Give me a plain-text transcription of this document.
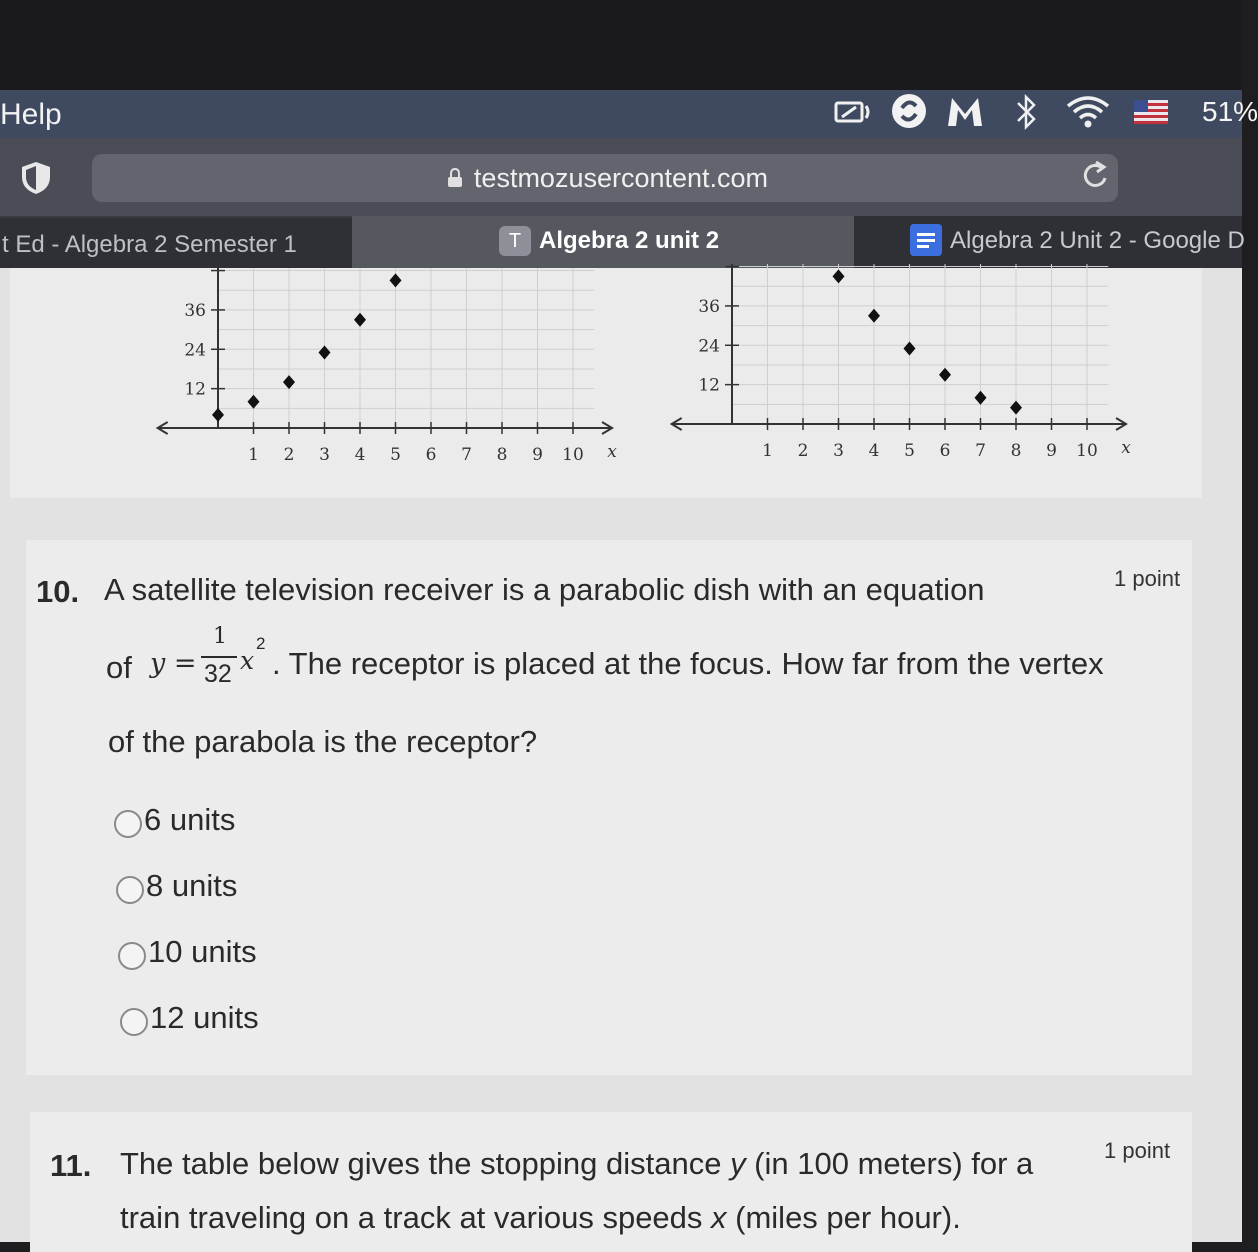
Help	51%
testmozusercontent.com
t Ed - Algebra 2 Semester 1	T Algebra 2 unit 2	Algebra 2 Unit 2 - Google D
1 2 3 4 5 6 7 8 9 10 x
12
24
36
1 2 3 4 5 6 7 8 9 10 x
12
24
36
10. A satellite television receiver is a parabolic dish with an equation	1 point
of y =
1
32 x
2
. The receptor is placed at the focus. How far from the vertex
of the parabola is the receptor?
6 units
8 units
10 units
12 units
11.	1 point
The table below gives the stopping distance y (in 100 meters) for a
train traveling on a track at various speeds x (miles per hour).
